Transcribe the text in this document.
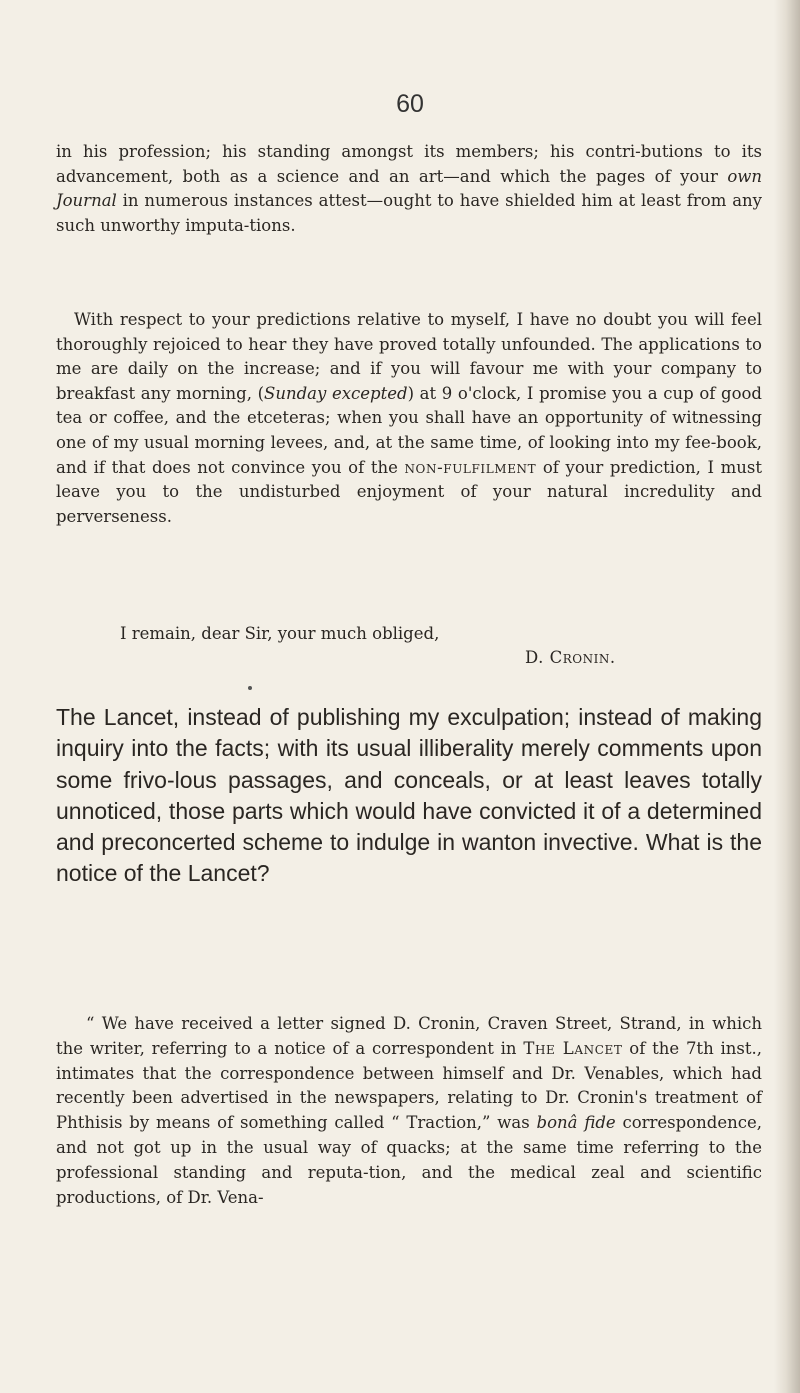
60
in his profession; his standing amongst its members; his contri-butions to its advancement, both as a science and an art—and which the pages of your own Journal in numerous instances attest—ought to have shielded him at least from any such unworthy imputa-tions.
With respect to your predictions relative to myself, I have no doubt you will feel thoroughly rejoiced to hear they have proved totally unfounded. The applications to me are daily on the increase; and if you will favour me with your company to breakfast any morning, (Sunday excepted) at 9 o'clock, I promise you a cup of good tea or coffee, and the etceteras; when you shall have an opportunity of witnessing one of my usual morning levees, and, at the same time, of looking into my fee-book, and if that does not convince you of the non-fulfilment of your prediction, I must leave you to the undisturbed enjoyment of your natural incredulity and perverseness.
I remain, dear Sir, your much obliged,
D. Cronin.
The Lancet, instead of publishing my exculpation; instead of making inquiry into the facts; with its usual illiberality merely comments upon some frivo-lous passages, and conceals, or at least leaves totally unnoticed, those parts which would have convicted it of a determined and preconcerted scheme to indulge in wanton invective. What is the notice of the Lancet?
“ We have received a letter signed D. Cronin, Craven Street, Strand, in which the writer, referring to a notice of a correspondent in The Lancet of the 7th inst., intimates that the correspondence between himself and Dr. Venables, which had recently been advertised in the newspapers, relating to Dr. Cronin's treatment of Phthisis by means of something called “ Traction,” was bonâ fide correspondence, and not got up in the usual way of quacks; at the same time referring to the professional standing and reputa-tion, and the medical zeal and scientific productions, of Dr. Vena-
